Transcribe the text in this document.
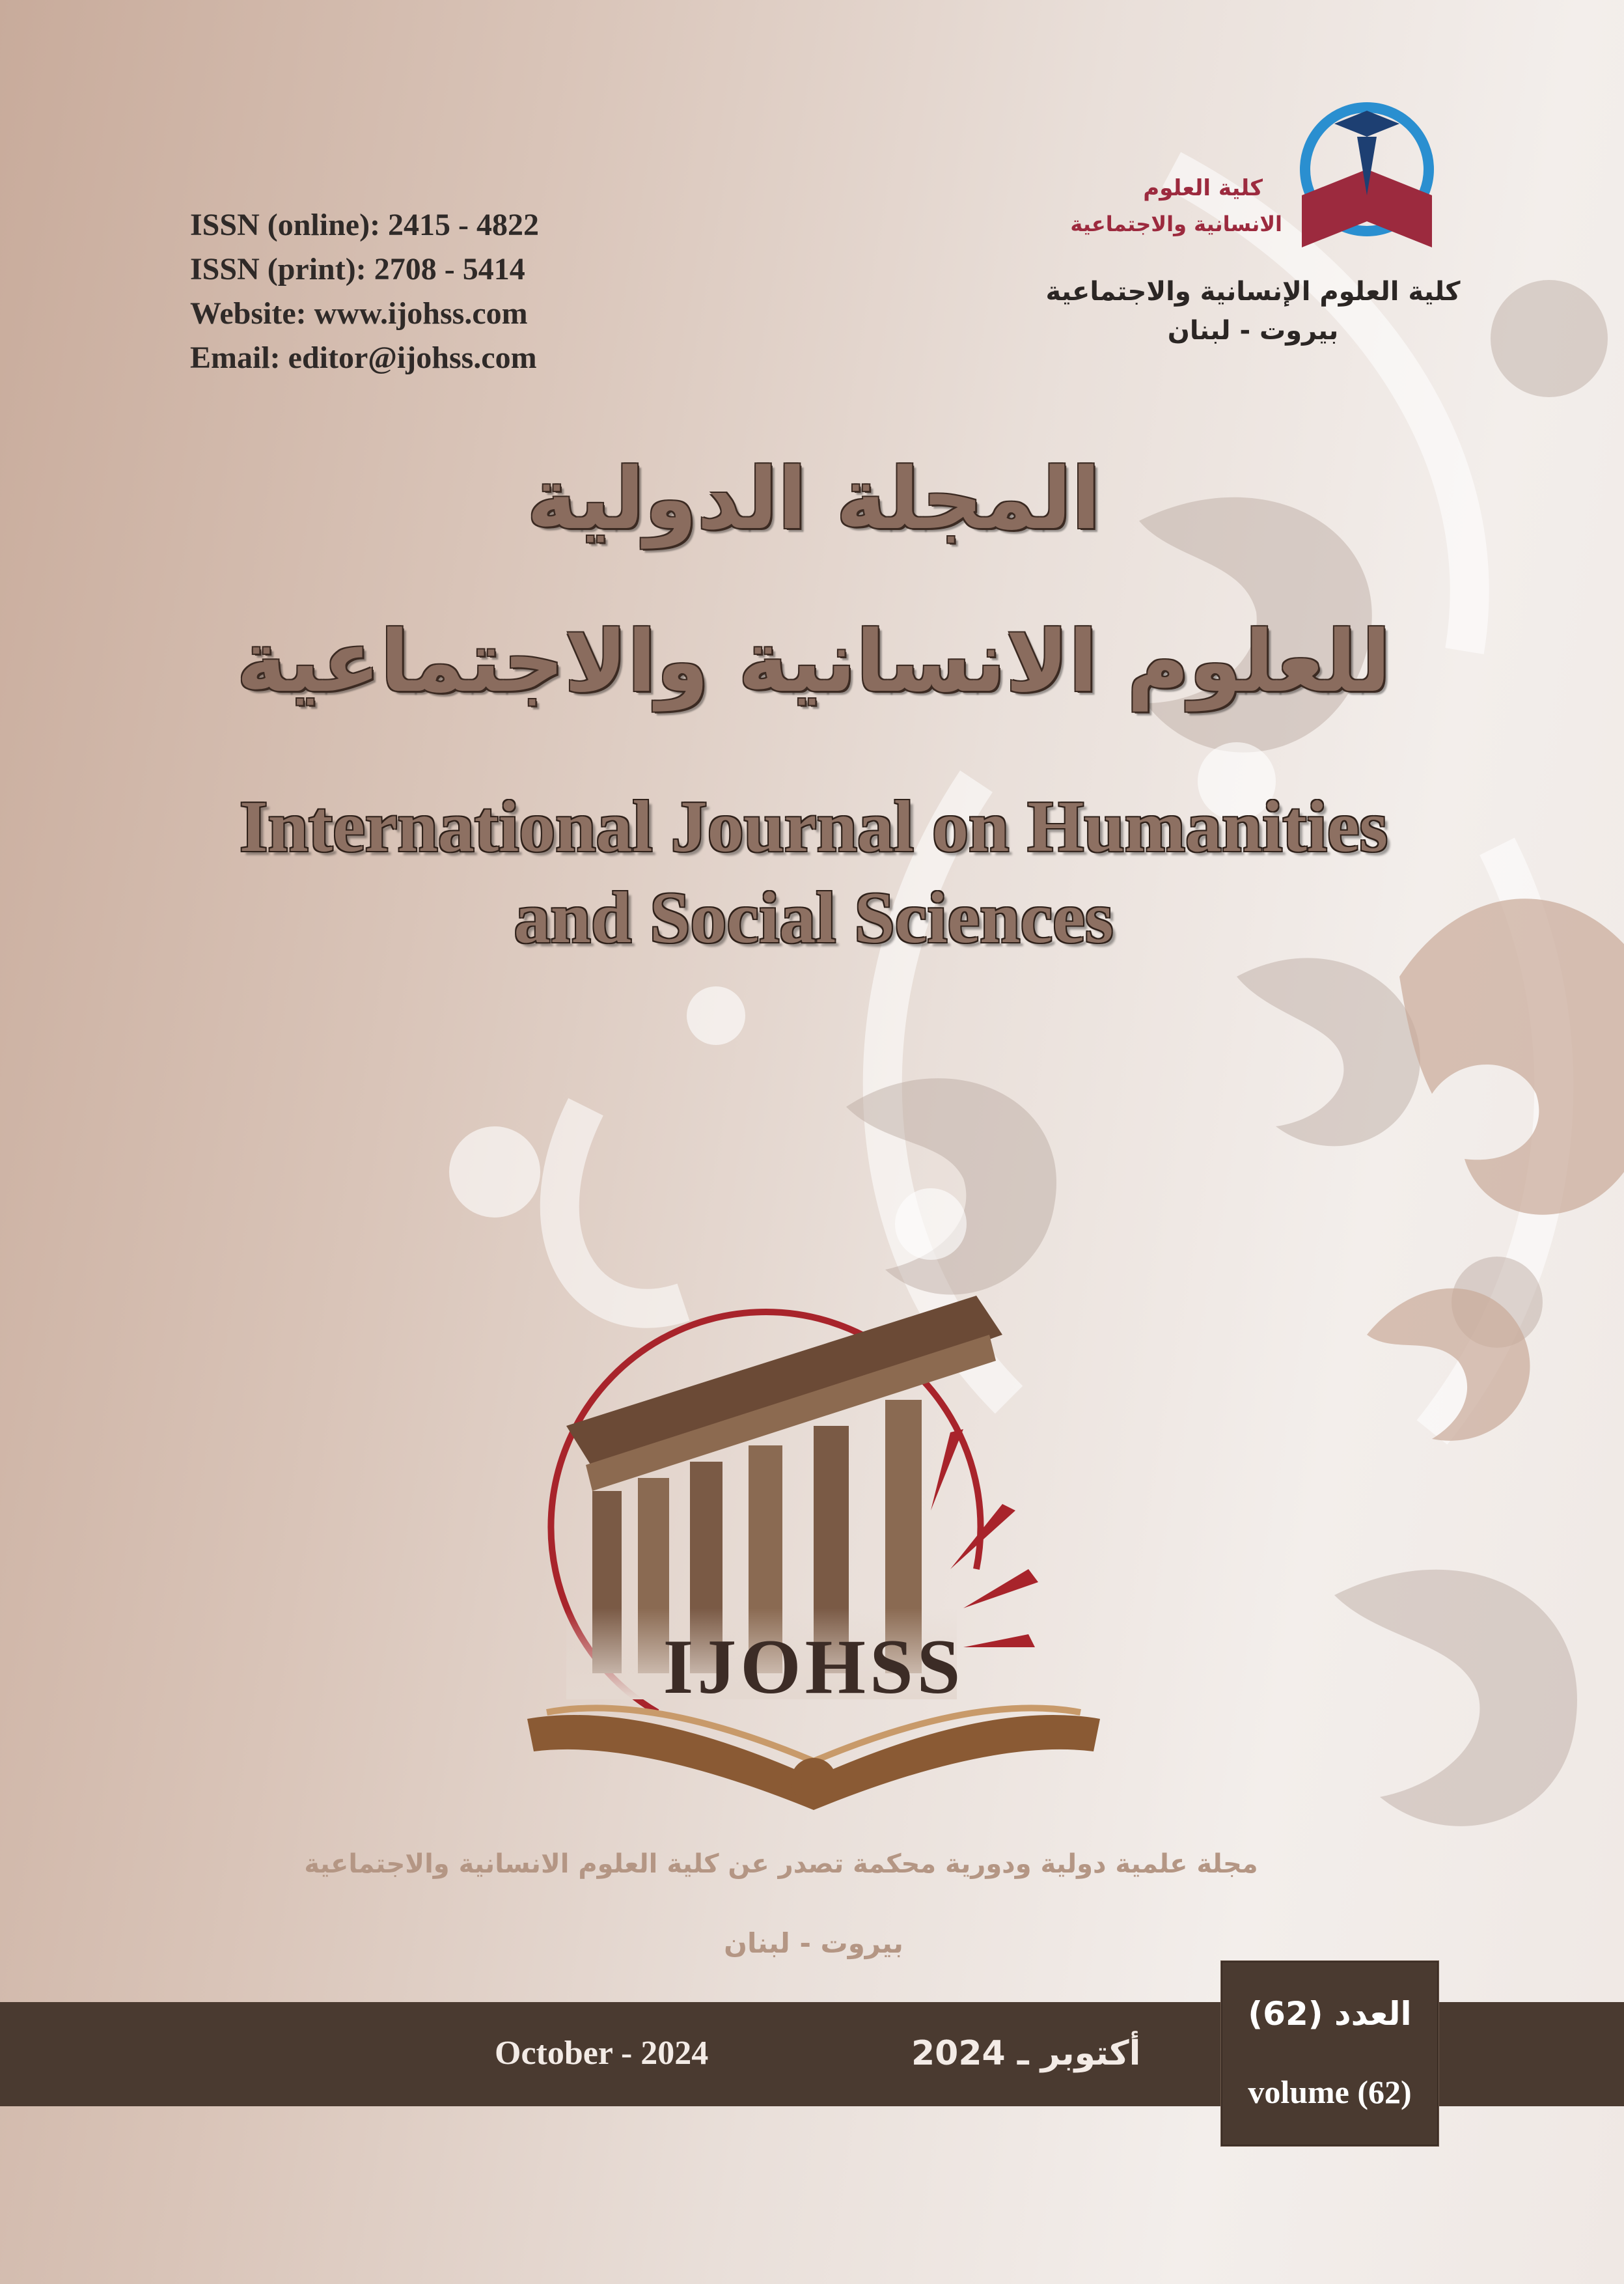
ISSN (online): 2415 - 4822
ISSN (print): 2708 - 5414
Website: www.ijohss.com
Email: editor@ijohss.com
كلية العلوم
الانسانية والاجتماعية
كلية العلوم الإنسانية والاجتماعية
بيروت - لبنان
المجلة الدولية
للعلوم الانسانية والاجتماعية
International Journal on Humanities
and Social Sciences
IJOHSS
مجلة علمية دولية ودورية محكمة تصدر عن كلية العلوم الانسانية والاجتماعية
بيروت - لبنان
October - 2024	أكتوبر ـ 2024
العدد (62)
volume (62)
